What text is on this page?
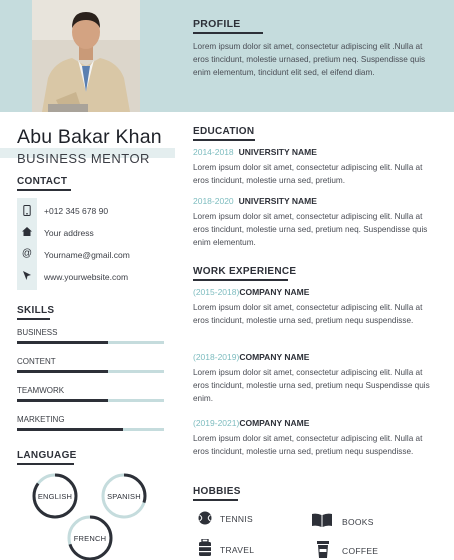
PROFILE
Lorem ipsum dolor sit amet, consectetur adipiscing elit .Nulla at eros tincidunt, molestie urnased, pretium neq. Suspendisse quis enim elementum, tincidunt elit sed, el eifend diam.
Abu Bakar Khan
BUSINESS MENTOR
CONTACT
+012 345 678 90
Your address
@	Yourname@gmail.com
www.yourwebsite.com
SKILLS
BUSINESS
CONTENT
TEAMWORK
MARKETING
LANGUAGE
ENGLISH	SPANISH
FRENCH
EDUCATION
2014-2018 UNIVERSITY NAME
Lorem ipsum dolor sit amet, consectetur adipiscing elit. Nulla at eros tincidunt, molestie urna sed, pretium.
2018-2020 UNIVERSITY NAME
Lorem ipsum dolor sit amet, consectetur adipiscing elit. Nulla at eros tincidunt, molestie urna sed, pretium neq. Suspendisse quis enim elementum.
WORK EXPERIENCE
(2015-2018)COMPANY NAME
Lorem ipsum dolor sit amet, consectetur adipiscing elit. Nulla at eros tincidunt, molestie urna sed, pretium nequ suspendisse.
(2018-2019)COMPANY NAME
Lorem ipsum dolor sit amet, consectetur adipiscing elit. Nulla at eros tincidunt, molestie urna sed, pretium nequ Suspendisse quis enim.
(2019-2021)COMPANY NAME
Lorem ipsum dolor sit amet, consectetur adipiscing elit. Nulla at eros tincidunt, molestie urna sed, pretium nequ suspendisse.
HOBBIES
TENNIS	BOOKS
TRAVEL	COFFEE
